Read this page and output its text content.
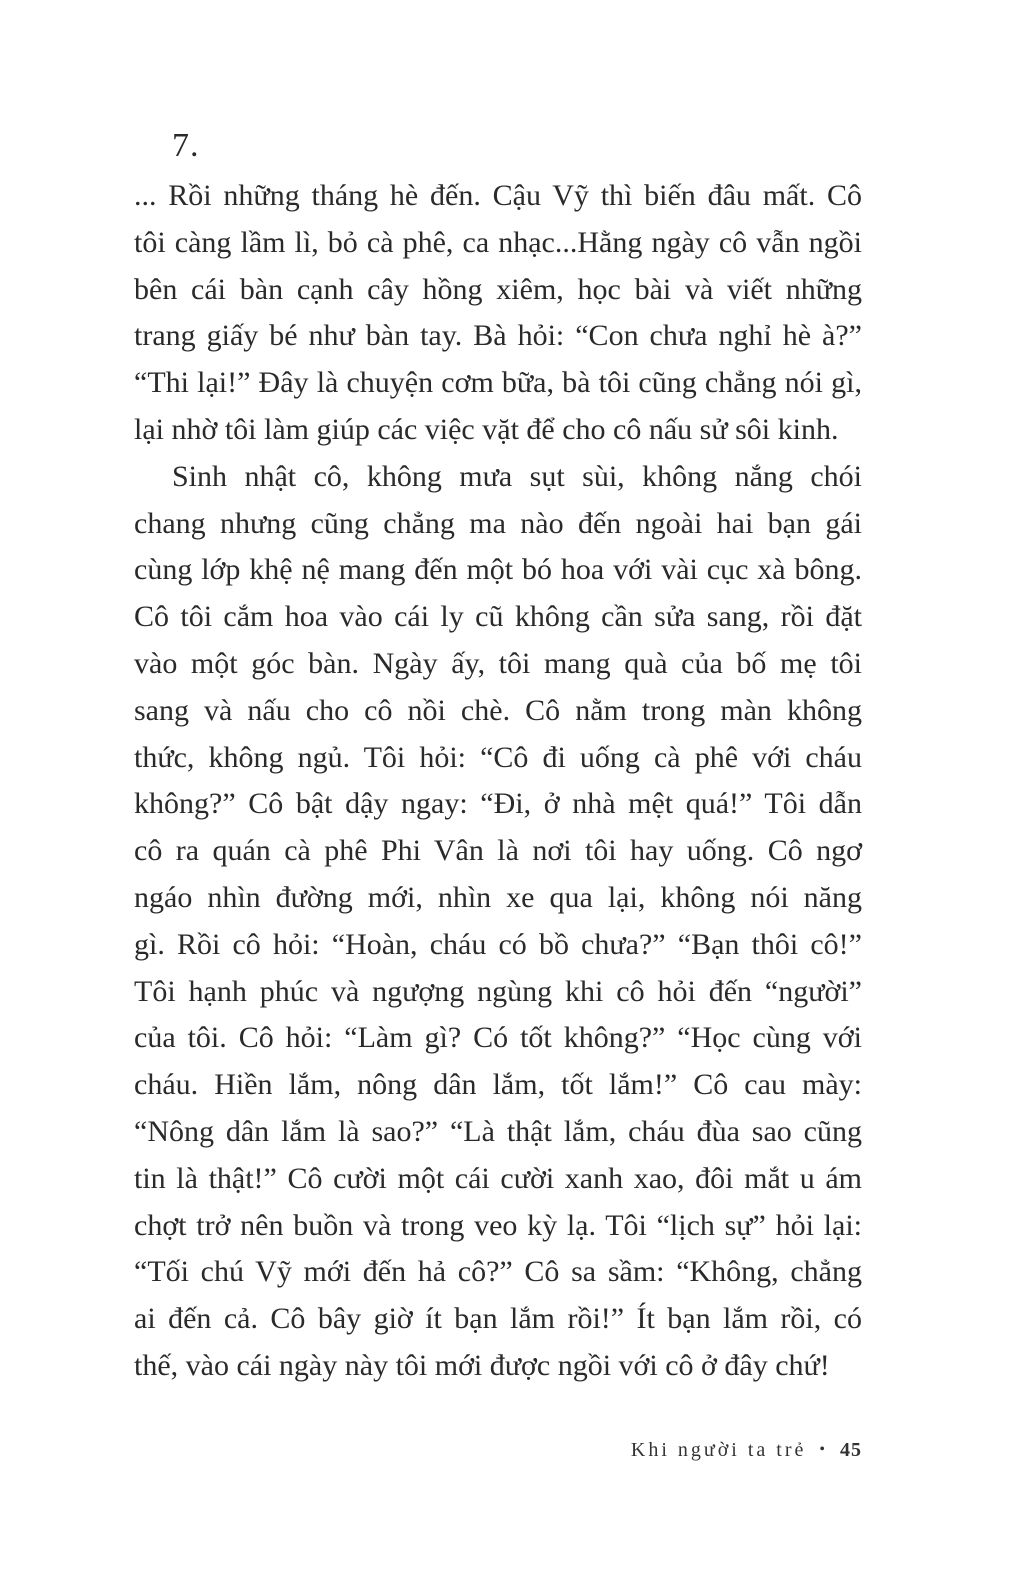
7.
... Rồi những tháng hè đến. Cậu Vỹ thì biến đâu mất. Cô
tôi càng lầm lì, bỏ cà phê, ca nhạc...Hằng ngày cô vẫn ngồi
bên cái bàn cạnh cây hồng xiêm, học bài và viết những
trang giấy bé như bàn tay. Bà hỏi: “Con chưa nghỉ hè à?”
“Thi lại!” Đây là chuyện cơm bữa, bà tôi cũng chẳng nói gì,
lại nhờ tôi làm giúp các việc vặt để cho cô nấu sử sôi kinh.
Sinh nhật cô, không mưa sụt sùi, không nắng chói
chang nhưng cũng chẳng ma nào đến ngoài hai bạn gái
cùng lớp khệ nệ mang đến một bó hoa với vài cục xà bông.
Cô tôi cắm hoa vào cái ly cũ không cần sửa sang, rồi đặt
vào một góc bàn. Ngày ấy, tôi mang quà của bố mẹ tôi
sang và nấu cho cô nồi chè. Cô nằm trong màn không
thức, không ngủ. Tôi hỏi: “Cô đi uống cà phê với cháu
không?” Cô bật dậy ngay: “Đi, ở nhà mệt quá!” Tôi dẫn
cô ra quán cà phê Phi Vân là nơi tôi hay uống. Cô ngơ
ngáo nhìn đường mới, nhìn xe qua lại, không nói năng
gì. Rồi cô hỏi: “Hoàn, cháu có bồ chưa?” “Bạn thôi cô!”
Tôi hạnh phúc và ngượng ngùng khi cô hỏi đến “người”
của tôi. Cô hỏi: “Làm gì? Có tốt không?” “Học cùng với
cháu. Hiền lắm, nông dân lắm, tốt lắm!” Cô cau mày:
“Nông dân lắm là sao?” “Là thật lắm, cháu đùa sao cũng
tin là thật!” Cô cười một cái cười xanh xao, đôi mắt u ám
chợt trở nên buồn và trong veo kỳ lạ. Tôi “lịch sự” hỏi lại:
“Tối chú Vỹ mới đến hả cô?” Cô sa sầm: “Không, chẳng
ai đến cả. Cô bây giờ ít bạn lắm rồi!” Ít bạn lắm rồi, có
thế, vào cái ngày này tôi mới được ngồi với cô ở đây chứ!
Khi người ta trẻ • 45
